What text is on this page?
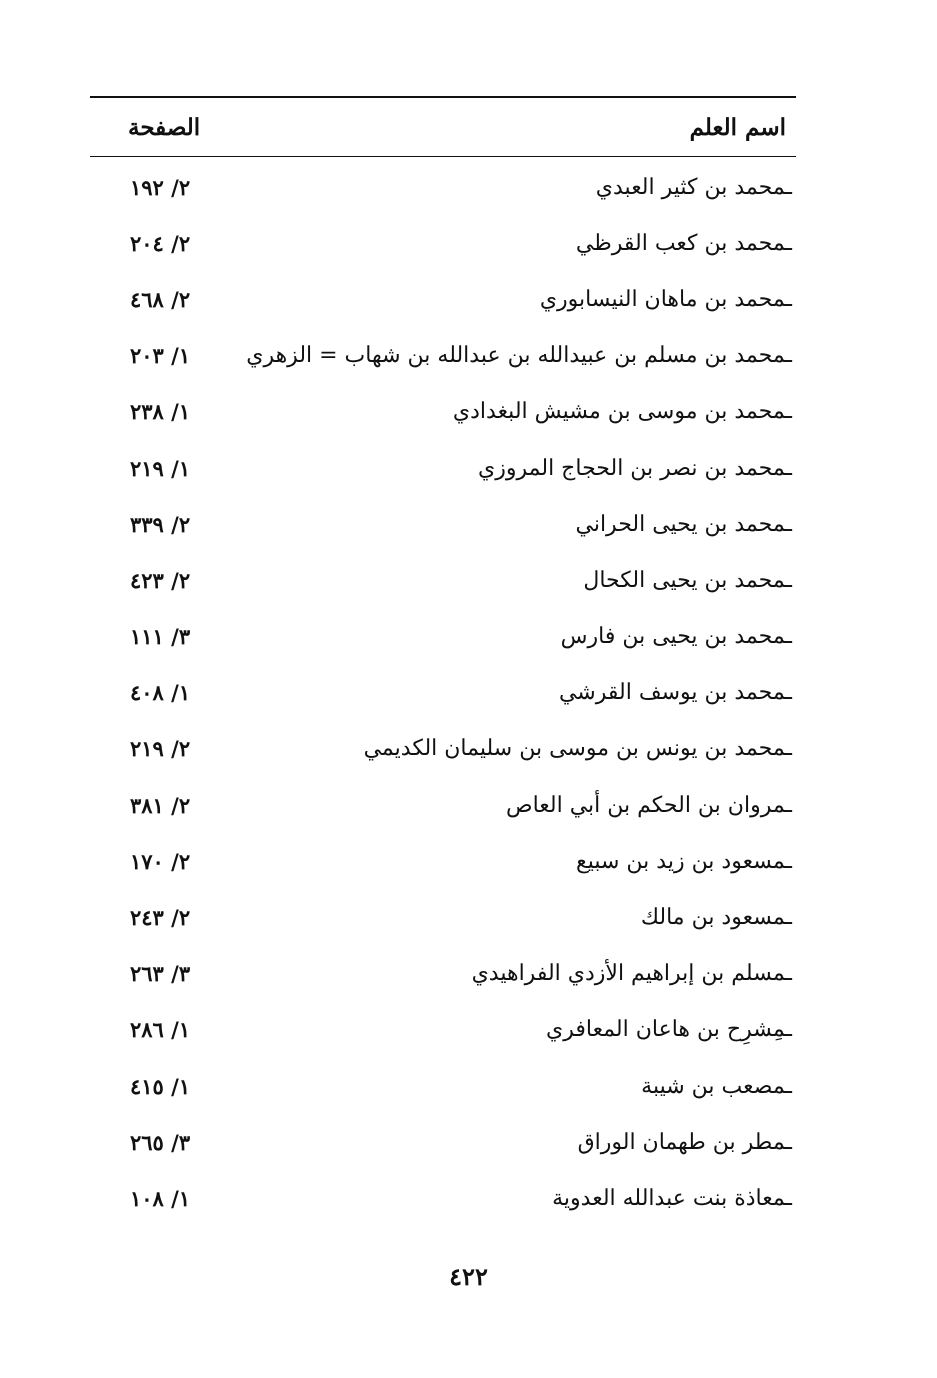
اسم العلم
الصفحة
ـمحمد بن كثير العبدي
٢/ ١٩٢
ـمحمد بن كعب القرظي
٢/ ٢٠٤
ـمحمد بن ماهان النيسابوري
٢/ ٤٦٨
ـمحمد بن مسلم بن عبيدالله بن عبدالله بن شهاب = الزهري
١/ ٢٠٣
ـمحمد بن موسى بن مشيش البغدادي
١/ ٢٣٨
ـمحمد بن نصر بن الحجاج المروزي
١/ ٢١٩
ـمحمد بن يحيى الحراني
٢/ ٣٣٩
ـمحمد بن يحيى الكحال
٢/ ٤٢٣
ـمحمد بن يحيى بن فارس
٣/ ١١١
ـمحمد بن يوسف القرشي
١/ ٤٠٨
ـمحمد بن يونس بن موسى بن سليمان الكديمي
٢/ ٢١٩
ـمروان بن الحكم بن أبي العاص
٢/ ٣٨١
ـمسعود بن زيد بن سبيع
٢/ ١٧٠
ـمسعود بن مالك
٢/ ٢٤٣
ـمسلم بن إبراهيم الأزدي الفراهيدي
٣/ ٢٦٣
ـمِشرِح بن هاعان المعافري
١/ ٢٨٦
ـمصعب بن شيبة
١/ ٤١٥
ـمطر بن طهمان الوراق
٣/ ٢٦٥
ـمعاذة بنت عبدالله العدوية
١/ ١٠٨
٤٢٢
